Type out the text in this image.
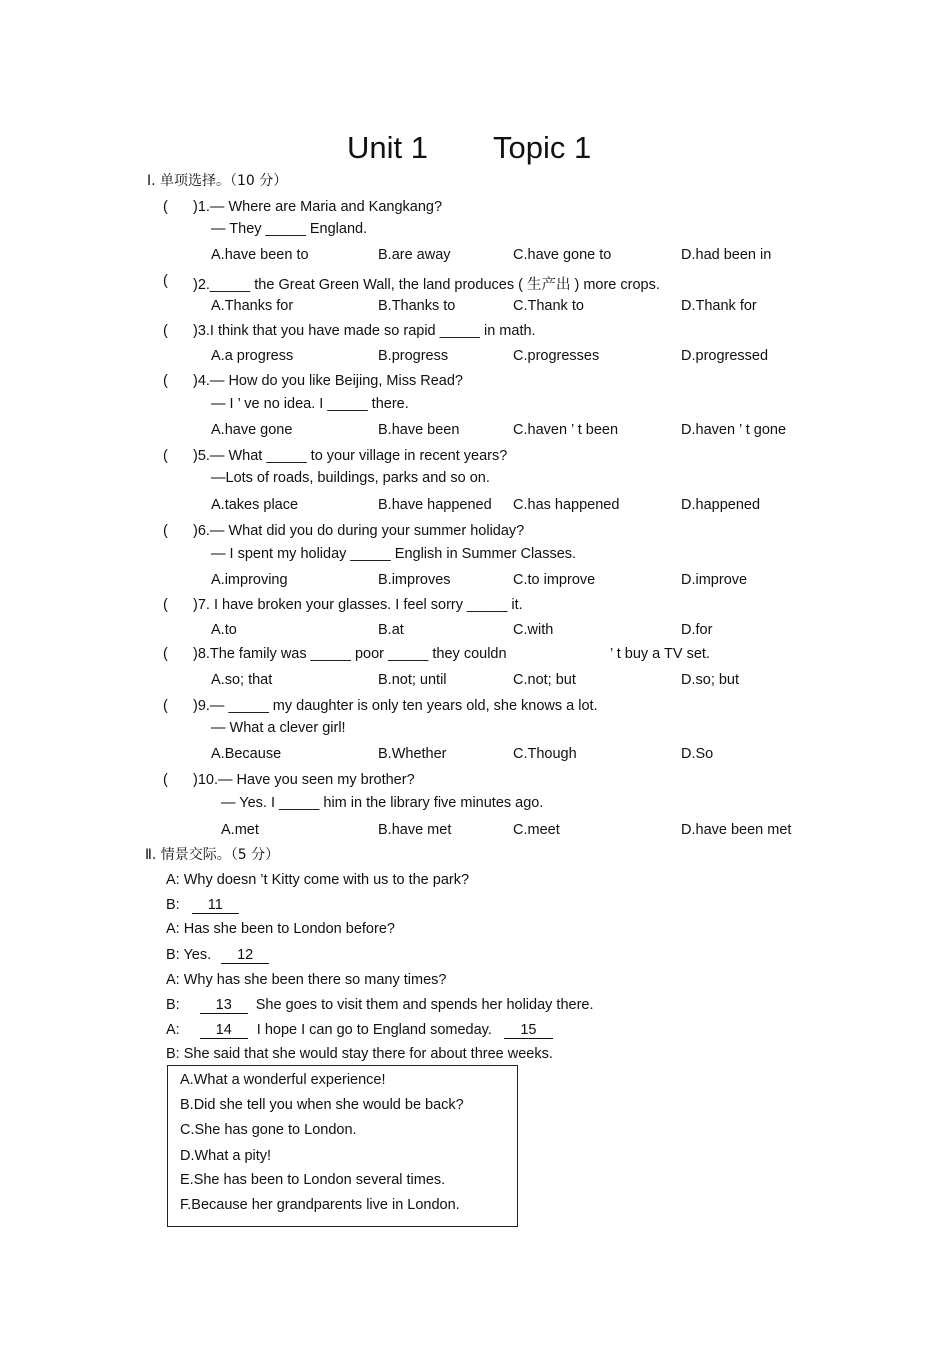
Unit 1 Topic 1
Ⅰ. 单项选择。（10 分）
( )1.— Where are Maria and Kangkang?
— They _____ England.
A.have been to	B.are away	C.have gone to	D.had been in
( )2._____ the Great Green Wall, the land produces ( 生产出 ) more crops.
A.Thanks for	B.Thanks to	C.Thank to	D.Thank for
( )3.I think that you have made so rapid _____ in math.
A.a progress	B.progress	C.progresses	D.progressed
( )4.— How do you like Beijing, Miss Read?
— I ’ ve no idea. I _____ there.
A.have gone	B.have been	C.haven ’ t been	D.haven ’ t gone
( )5.— What _____ to your village in recent years?
—Lots of roads, buildings, parks and so on.
A.takes place	B.have happened C.has happened	D.happened
( )6.— What did you do during your summer holiday?
— I spent my holiday _____ English in Summer Classes.
A.improving	B.improves	C.to improve	D.improve
( )7. I have broken your glasses. I feel sorry _____ it.
A.to	B.at	C.with	D.for
( )8.The family was _____ poor _____ they couldn	’ t buy a TV set.
A.so; that	B.not; until	C.not; but	D.so; but
( )9.— _____ my daughter is only ten years old, she knows a lot.
— What a clever girl!
A.Because	B.Whether	C.Though	D.So
( )10.— Have you seen my brother?
— Yes. I _____ him in the library five minutes ago.
A.met	B.have met	C.meet	D.have been met
Ⅱ. 情景交际。（5 分）
A: Why doesn ’t Kitty come with us to the park?
B: 11
A: Has she been to London before?
B: Yes. 12
A: Why has she been there so many times?
B: 13 She goes to visit them and spends her holiday there.
A: 14 I hope I can go to England someday. 15
B: She said that she would stay there for about three weeks.
A.What a wonderful experience!
B.Did she tell you when she would be back?
C.She has gone to London.
D.What a pity!
E.She has been to London several times.
F.Because her grandparents live in London.
